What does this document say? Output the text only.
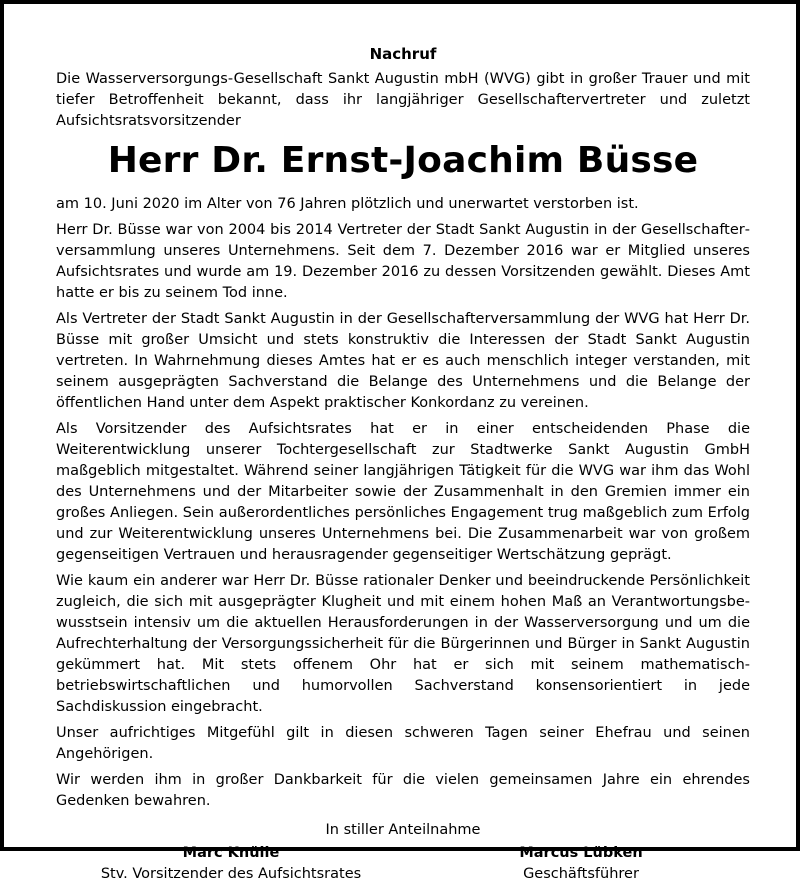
Nachruf

Die Wasserversorgungs-Gesellschaft Sankt Augustin mbH (WVG) gibt in großer Trauer und mit tiefer Betroffenheit bekannt, dass ihr langjähriger Gesellschaftervertreter und zuletzt Aufsichtsratsvorsitzender

Herr Dr. Ernst-Joachim Büsse

am 10. Juni 2020 im Alter von 76 Jahren plötzlich und unerwartet verstorben ist.

Herr Dr. Büsse war von 2004 bis 2014 Vertreter der Stadt Sankt Augustin in der Gesellschafterversammlung unseres Unternehmens. Seit dem 7. Dezember 2016 war er Mitglied unseres Aufsichtsrates und wurde am 19. Dezember 2016 zu dessen Vorsitzenden gewählt. Dieses Amt hatte er bis zu seinem Tod inne.

Als Vertreter der Stadt Sankt Augustin in der Gesellschafterversammlung der WVG hat Herr Dr. Büsse mit großer Umsicht und stets konstruktiv die Interessen der Stadt Sankt Augustin vertreten. In Wahrnehmung dieses Amtes hat er es auch menschlich integer verstanden, mit seinem ausgeprägten Sachverstand die Belange des Unternehmens und die Belange der öffentlichen Hand unter dem Aspekt praktischer Konkordanz zu vereinen.

Als Vorsitzender des Aufsichtsrates hat er in einer entscheidenden Phase die Weiterentwicklung unserer Tochtergesellschaft zur Stadtwerke Sankt Augustin GmbH maßgeblich mitgestaltet. Während seiner langjährigen Tätigkeit für die WVG war ihm das Wohl des Unternehmens und der Mitarbeiter sowie der Zusammenhalt in den Gremien immer ein großes Anliegen. Sein außerordentliches persönliches Engagement trug maßgeblich zum Erfolg und zur Weiterentwicklung unseres Unternehmens bei. Die Zusammenarbeit war von großem gegenseitigen Vertrauen und herausragender gegenseitiger Wertschätzung geprägt.

Wie kaum ein anderer war Herr Dr. Büsse rationaler Denker und beeindruckende Persönlichkeit zugleich, die sich mit ausgeprägter Klugheit und mit einem hohen Maß an Verantwortungsbewusstsein intensiv um die aktuellen Herausforderungen in der Wasserversorgung und um die Aufrechterhaltung der Versorgungssicherheit für die Bürgerinnen und Bürger in Sankt Augustin gekümmert hat. Mit stets offenem Ohr hat er sich mit seinem mathematisch-betriebswirtschaftlichen und humorvollen Sachverstand konsensorientiert in jede Sachdiskussion eingebracht.

Unser aufrichtiges Mitgefühl gilt in diesen schweren Tagen seiner Ehefrau und seinen Angehörigen.

Wir werden ihm in großer Dankbarkeit für die vielen gemeinsamen Jahre ein ehrendes Gedenken bewahren.

In stiller Anteilnahme
Marc Knülle
Stv. Vorsitzender des Aufsichtsrates
Marcus Lübken
Geschäftsführer
